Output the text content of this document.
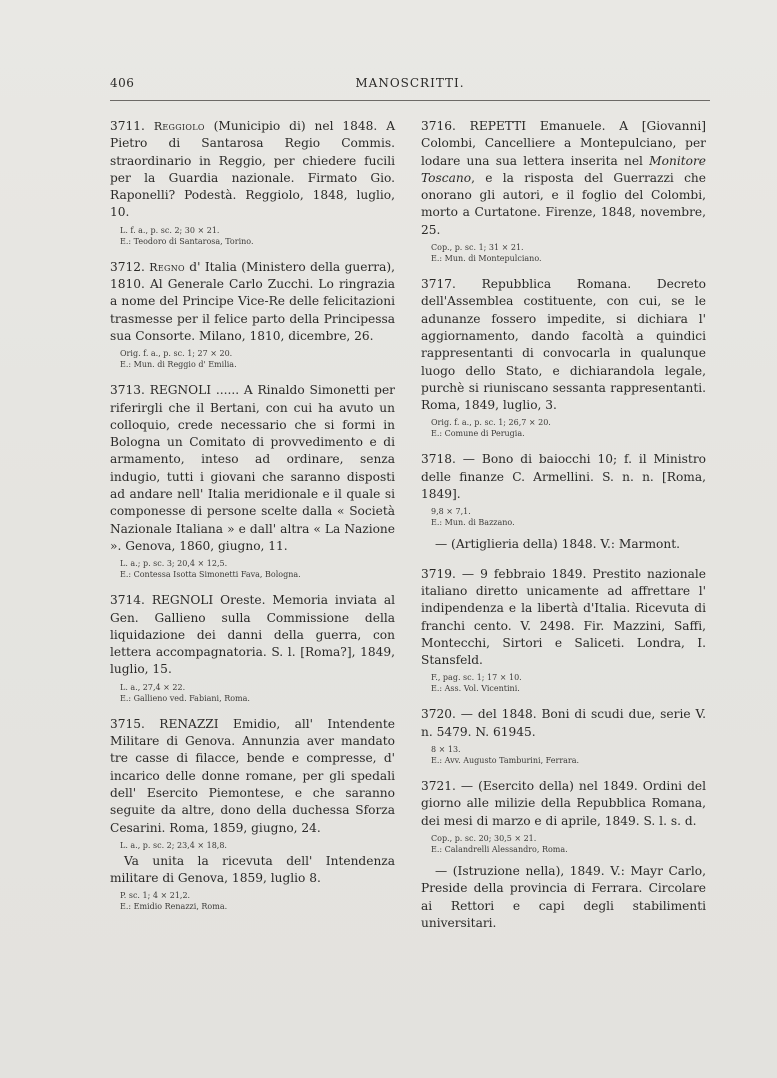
406	MANOSCRITTI.

3711. Reggiolo (Municipio di) nel 1848. A Pietro di Santarosa Regio Commis. straordinario in Reggio, per chiedere fucili per la Guardia nazionale. Firmato Gio. Raponelli? Podestà. Reggiolo, 1848, luglio, 10.

L. f. a., p. sc. 2; 30 × 21.
E.: Teodoro di Santarosa, Torino.

3712. Regno d' Italia (Ministero della guerra), 1810. Al Generale Carlo Zucchi. Lo ringrazia a nome del Principe Vice-Re delle felicitazioni trasmesse per il felice parto della Principessa sua Consorte. Milano, 1810, dicembre, 26.

Orig. f. a., p. sc. 1; 27 × 20.
E.: Mun. di Reggio d' Emilia.

3713. REGNOLI ...... A Rinaldo Simonetti per riferirgli che il Bertani, con cui ha avuto un colloquio, crede necessario che si formi in Bologna un Comitato di provvedimento e di armamento, inteso ad ordinare, senza indugio, tutti i giovani che saranno disposti ad andare nell' Italia meridionale e il quale si componesse di persone scelte dalla « Società Nazionale Italiana » e dall' altra « La Nazione ». Genova, 1860, giugno, 11.

L. a.; p. sc. 3; 20,4 × 12,5.
E.: Contessa Isotta Simonetti Fava, Bologna.

3714. REGNOLI Oreste. Memoria inviata al Gen. Gallieno sulla Commissione della liquidazione dei danni della guerra, con lettera accompagnatoria. S. l. [Roma?], 1849, luglio, 15.

L. a., 27,4 × 22.
E.: Gallieno ved. Fabiani, Roma.

3715. RENAZZI Emidio, all' Intendente Militare di Genova. Annunzia aver mandato tre casse di filacce, bende e compresse, d' incarico delle donne romane, per gli spedali dell' Esercito Piemontese, e che saranno seguite da altre, dono della duchessa Sforza Cesarini. Roma, 1859, giugno, 24.

L. a., p. sc. 2; 23,4 × 18,8.

Va unita la ricevuta dell' Intendenza militare di Genova, 1859, luglio 8.

P. sc. 1; 4 × 21,2.
E.: Emidio Renazzi, Roma.

3716. REPETTI Emanuele. A [Giovanni] Colombi, Cancelliere a Montepulciano, per lodare una sua lettera inserita nel Monitore Toscano, e la risposta del Guerrazzi che onorano gli autori, e il foglio del Colombi, morto a Curtatone. Firenze, 1848, novembre, 25.

Cop., p. sc. 1; 31 × 21.
E.: Mun. di Montepulciano.

3717. Repubblica Romana. Decreto dell'Assemblea costituente, con cui, se le adunanze fossero impedite, si dichiara l' aggiornamento, dando facoltà a quindici rappresentanti di convocarla in qualunque luogo dello Stato, e dichiarandola legale, purchè si riuniscano sessanta rappresentanti. Roma, 1849, luglio, 3.

Orig. f. a., p. sc. 1; 26,7 × 20.
E.: Comune di Perugia.

3718. — Bono di baiocchi 10; f. il Ministro delle finanze C. Armellini. S. n. n. [Roma, 1849].

9,8 × 7,1.
E.: Mun. di Bazzano.

— (Artiglieria della) 1848. V.: Marmont.

3719. — 9 febbraio 1849. Prestito nazionale italiano diretto unicamente ad affrettare l' indipendenza e la libertà d'Italia. Ricevuta di franchi cento. V. 2498. Fir. Mazzini, Saffi, Montecchi, Sirtori e Saliceti. Londra, I. Stansfeld.

F., pag. sc. 1; 17 × 10.
E.: Ass. Vol. Vicentini.

3720. — del 1848. Boni di scudi due, serie V. n. 5479. N. 61945.

8 × 13.
E.: Avv. Augusto Tamburini, Ferrara.

3721. — (Esercito della) nel 1849. Ordini del giorno alle milizie della Repubblica Romana, dei mesi di marzo e di aprile, 1849. S. l. s. d.

Cop., p. sc. 20; 30,5 × 21.
E.: Calandrelli Alessandro, Roma.

— (Istruzione nella), 1849. V.: Mayr Carlo, Preside della provincia di Ferrara. Circolare ai Rettori e capi degli stabilimenti universitari.
